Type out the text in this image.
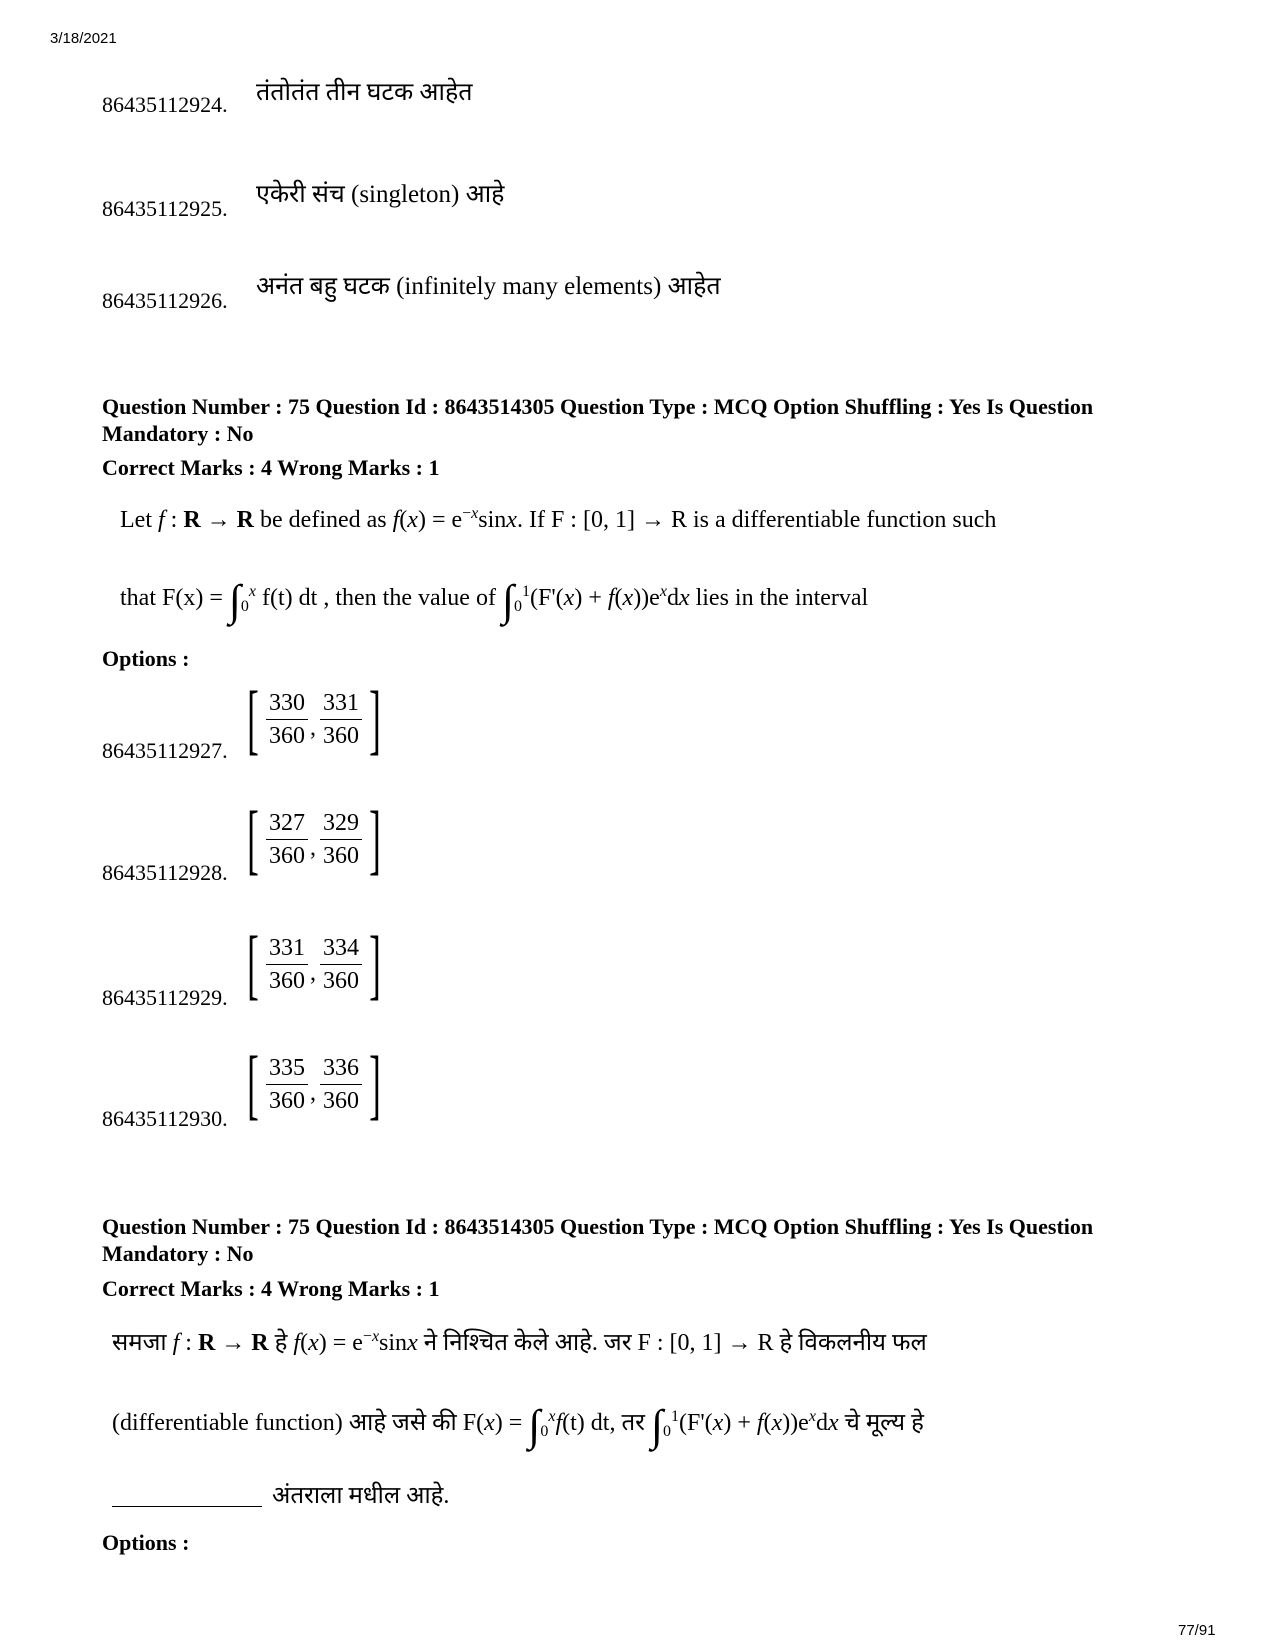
3/18/2021
86435112924. तंतोतंत तीन घटक आहेत
86435112925.
एकेरी संच (singleton) आहे
86435112926.
अनंत बहु घटक (infinitely many elements) आहेत
Question Number : 75 Question Id : 8643514305 Question Type : MCQ Option Shuffling : Yes Is Question Mandatory : No
Correct Marks : 4 Wrong Marks : 1
Let f : R → R be defined as $f(x) = e^{-x}\sin x$. If F : [0, 1] → R is a differentiable function such
that $F(x) = \int_0^x$ f(t) dt , then the value of $\int_0^1(F'(x) + f(x))e^xdx$ lies in the interval
Options :
86435112927. [ $\frac{330}{360}$ , $\frac{331}{360}$ ]
86435112928. [ $\frac{327}{360}$ , $\frac{329}{360}$ ]
86435112929. [ $\frac{331}{360}$ , $\frac{334}{360}$ ]
86435112930. [ $\frac{335}{360}$ , $\frac{336}{360}$ ]
Question Number : 75 Question Id : 8643514305 Question Type : MCQ Option Shuffling : Yes Is Question Mandatory : No
Correct Marks : 4 Wrong Marks : 1
समजा f : R → R हे $f(x) = e^{-x}\sin x$ ने निश्चित केले आहे. जर F : [0, 1] → R हे विकलनीय फल
(differentiable function) आहे जसे की $F(x) = \int_0^xf(t)$ dt, तर $\int_0^1(F'(x) + f(x))e^xdx$ चे मूल्य हे
अंतराला मधील आहे.
Options :
77/91
